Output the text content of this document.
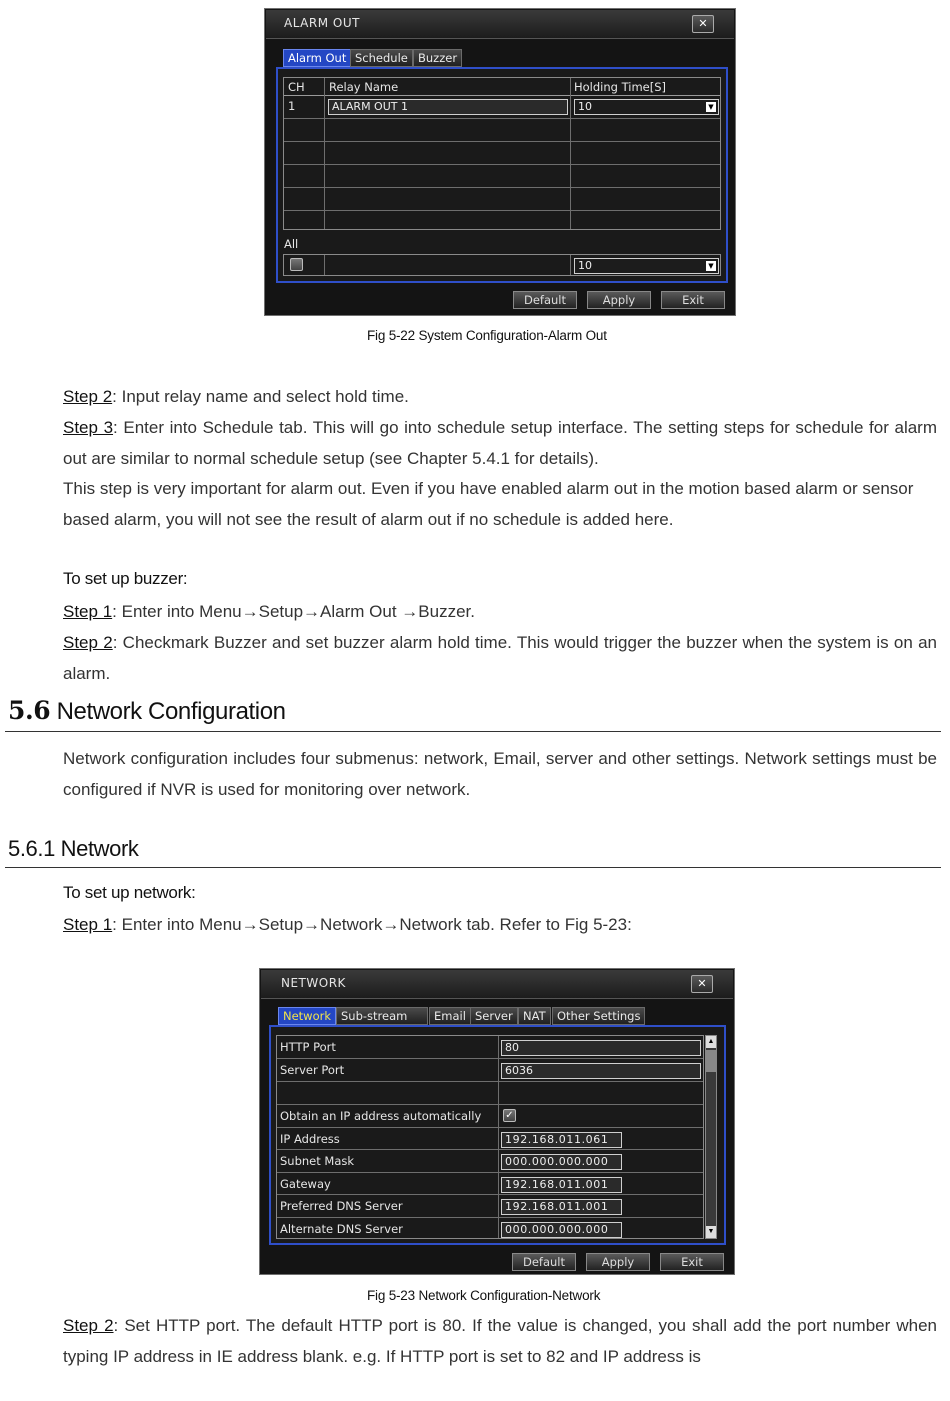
ALARM OUT	✕
Alarm Out Schedule Buzzer
CH Relay Name	Holding Time[S]
1	ALARM OUT 1	10	▼
All
10	▼
Default	Apply	Exit
Fig 5-22 System Configuration-Alarm Out
Step 2: Input relay name and select hold time.
Step 3: Enter into Schedule tab. This will go into schedule setup interface. The setting steps for schedule for alarm out are similar to normal schedule setup (see Chapter 5.4.1 for details).
This step is very important for alarm out. Even if you have enabled alarm out in the motion based alarm or sensor based alarm, you will not see the result of alarm out if no schedule is added here.
To set up buzzer:
Step 1: Enter into Menu→Setup→Alarm Out →Buzzer.
Step 2: Checkmark Buzzer and set buzzer alarm hold time. This would trigger the buzzer when the system is on an alarm.
5.6 Network Configuration
Network configuration includes four submenus: network, Email, server and other settings. Network settings must be configured if NVR is used for monitoring over network.
5.6.1 Network
To set up network:
Step 1: Enter into Menu→Setup→Network→Network tab. Refer to Fig 5-23:
NETWORK	✕
Network Sub-stream	Email Server NAT Other Settings
HTTP Port	80
Server Port	6036
Obtain an IP address automatically ✓
IP Address	192.168.011.061
Subnet Mask	000.000.000.000
Gateway	192.168.011.001
Preferred DNS Server	192.168.011.001
Alternate DNS Server	000.000.000.000
▲
▼
Default	Apply	Exit
Fig 5-23 Network Configuration-Network
Step 2: Set HTTP port. The default HTTP port is 80. If the value is changed, you shall add the port number when typing IP address in IE address blank. e.g. If HTTP port is set to 82 and IP address is
